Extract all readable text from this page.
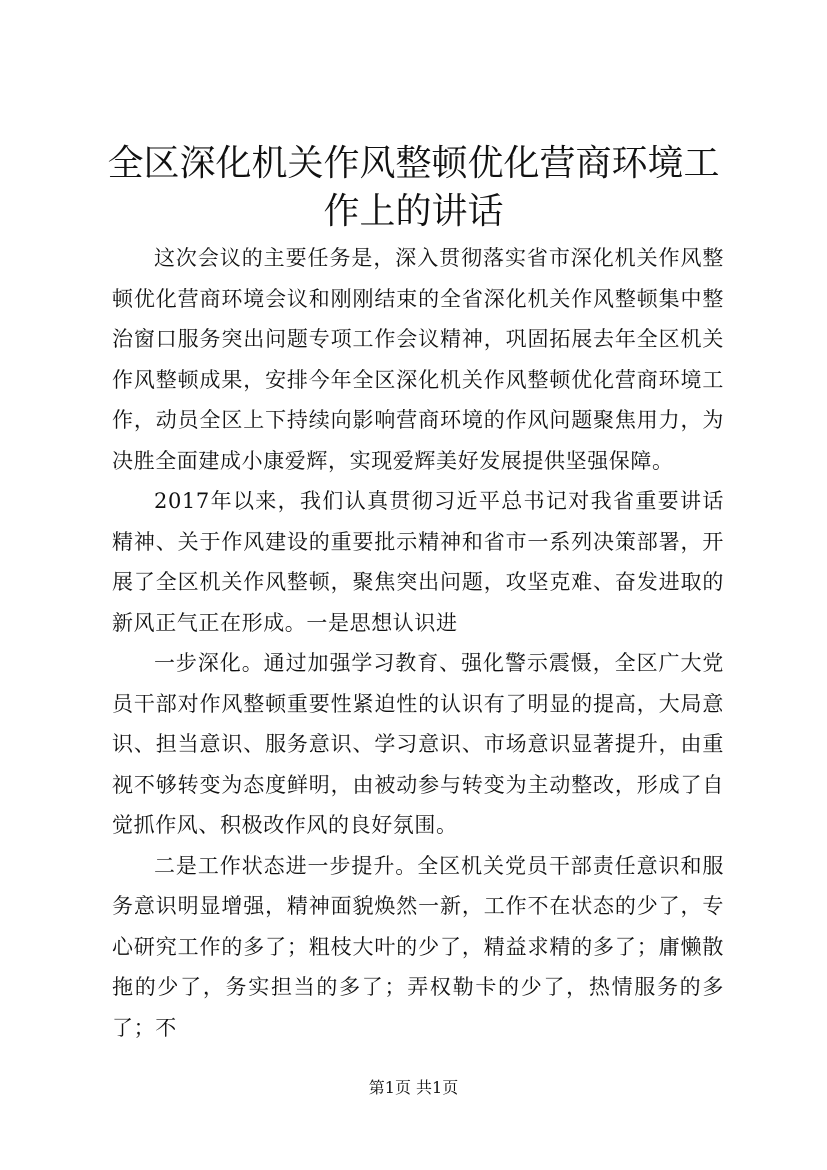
全区深化机关作风整顿优化营商环境工作上的讲话

这次会议的主要任务是，深入贯彻落实省市深化机关作风整顿优化营商环境会议和刚刚结束的全省深化机关作风整顿集中整治窗口服务突出问题专项工作会议精神，巩固拓展去年全区机关作风整顿成果，安排今年全区深化机关作风整顿优化营商环境工作，动员全区上下持续向影响营商环境的作风问题聚焦用力，为决胜全面建成小康爱辉，实现爱辉美好发展提供坚强保障。

2017年以来，我们认真贯彻习近平总书记对我省重要讲话精神、关于作风建设的重要批示精神和省市一系列决策部署，开展了全区机关作风整顿，聚焦突出问题，攻坚克难、奋发进取的新风正气正在形成。一是思想认识进

一步深化。通过加强学习教育、强化警示震慑，全区广大党员干部对作风整顿重要性紧迫性的认识有了明显的提高，大局意识、担当意识、服务意识、学习意识、市场意识显著提升，由重视不够转变为态度鲜明，由被动参与转变为主动整改，形成了自觉抓作风、积极改作风的良好氛围。

二是工作状态进一步提升。全区机关党员干部责任意识和服务意识明显增强，精神面貌焕然一新，工作不在状态的少了，专心研究工作的多了；粗枝大叶的少了，精益求精的多了；庸懒散拖的少了，务实担当的多了；弄权勒卡的少了，热情服务的多了；不

第1页 共1页
